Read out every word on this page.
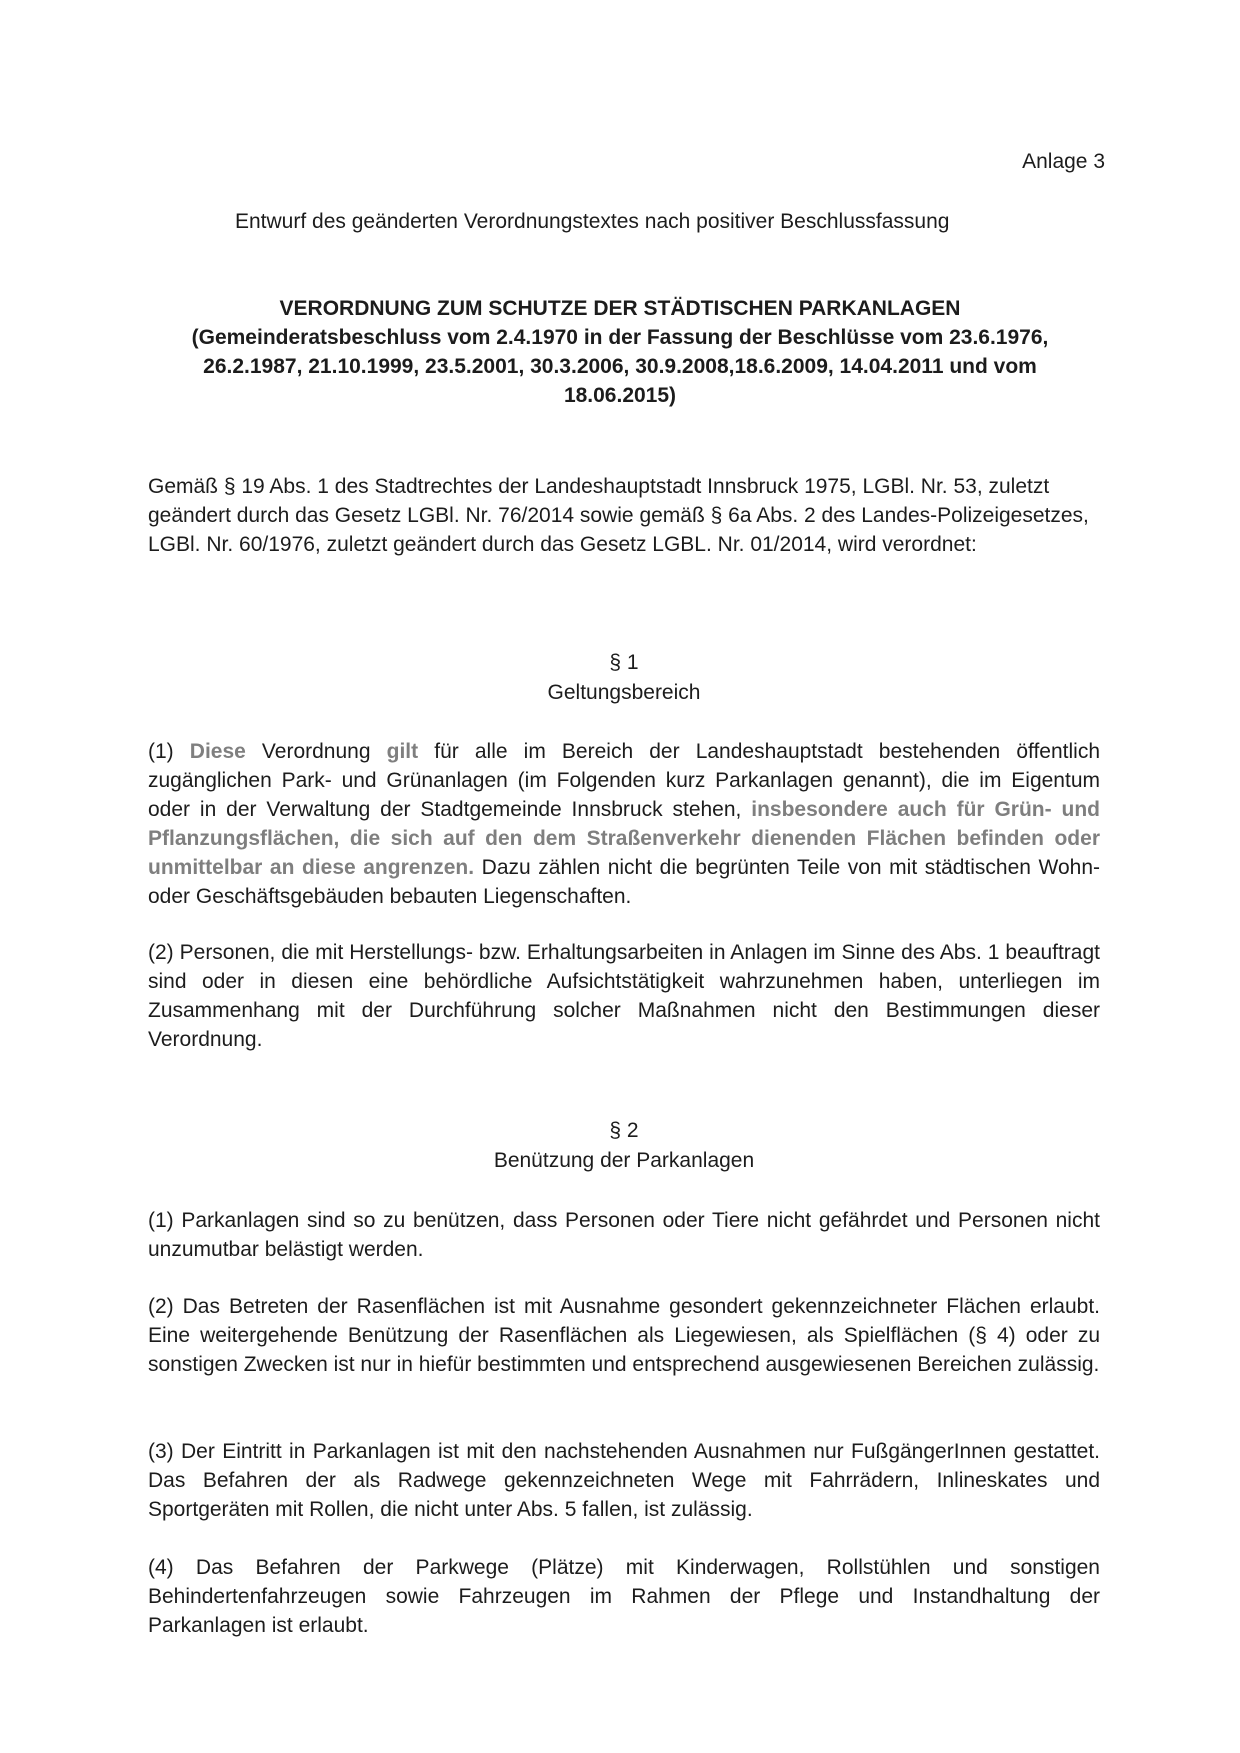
Anlage 3
Entwurf des geänderten Verordnungstextes nach positiver Beschlussfassung
VERORDNUNG ZUM SCHUTZE DER STÄDTISCHEN PARKANLAGEN
(Gemeinderatsbeschluss vom 2.4.1970 in der Fassung der Beschlüsse vom 23.6.1976,
26.2.1987, 21.10.1999, 23.5.2001, 30.3.2006, 30.9.2008,18.6.2009, 14.04.2011 und vom
18.06.2015)

Gemäß § 19 Abs. 1 des Stadtrechtes der Landeshauptstadt Innsbruck 1975, LGBl. Nr. 53, zuletzt geändert durch das Gesetz LGBl. Nr. 76/2014 sowie gemäß § 6a Abs. 2 des Landes-Polizeigesetzes, LGBl. Nr. 60/1976, zuletzt geändert durch das Gesetz LGBL. Nr. 01/2014, wird verordnet:

§ 1
Geltungsbereich

(1) Diese Verordnung gilt für alle im Bereich der Landeshauptstadt bestehenden öffentlich zugänglichen Park- und Grünanlagen (im Folgenden kurz Parkanlagen genannt), die im Eigentum oder in der Verwaltung der Stadtgemeinde Innsbruck stehen, insbesondere auch für Grün- und Pflanzungsflächen, die sich auf den dem Straßenverkehr dienenden Flächen befinden oder unmittelbar an diese angrenzen. Dazu zählen nicht die begrünten Teile von mit städtischen Wohn- oder Geschäftsgebäuden bebauten Liegenschaften.

(2) Personen, die mit Herstellungs- bzw. Erhaltungsarbeiten in Anlagen im Sinne des Abs. 1 beauftragt sind oder in diesen eine behördliche Aufsichtstätigkeit wahrzunehmen haben, unterliegen im Zusammenhang mit der Durchführung solcher Maßnahmen nicht den Bestimmungen dieser Verordnung.

§ 2
Benützung der Parkanlagen

(1) Parkanlagen sind so zu benützen, dass Personen oder Tiere nicht gefährdet und Personen nicht unzumutbar belästigt werden.

(2) Das Betreten der Rasenflächen ist mit Ausnahme gesondert gekennzeichneter Flächen erlaubt. Eine weitergehende Benützung der Rasenflächen als Liegewiesen, als Spielflächen (§ 4) oder zu sonstigen Zwecken ist nur in hiefür bestimmten und entsprechend ausgewiesenen Bereichen zulässig.

(3) Der Eintritt in Parkanlagen ist mit den nachstehenden Ausnahmen nur FußgängerInnen gestattet. Das Befahren der als Radwege gekennzeichneten Wege mit Fahrrädern, Inlineskates und Sportgeräten mit Rollen, die nicht unter Abs. 5 fallen, ist zulässig.

(4) Das Befahren der Parkwege (Plätze) mit Kinderwagen, Rollstühlen und sonstigen Behindertenfahrzeugen sowie Fahrzeugen im Rahmen der Pflege und Instandhaltung der Parkanlagen ist erlaubt.
